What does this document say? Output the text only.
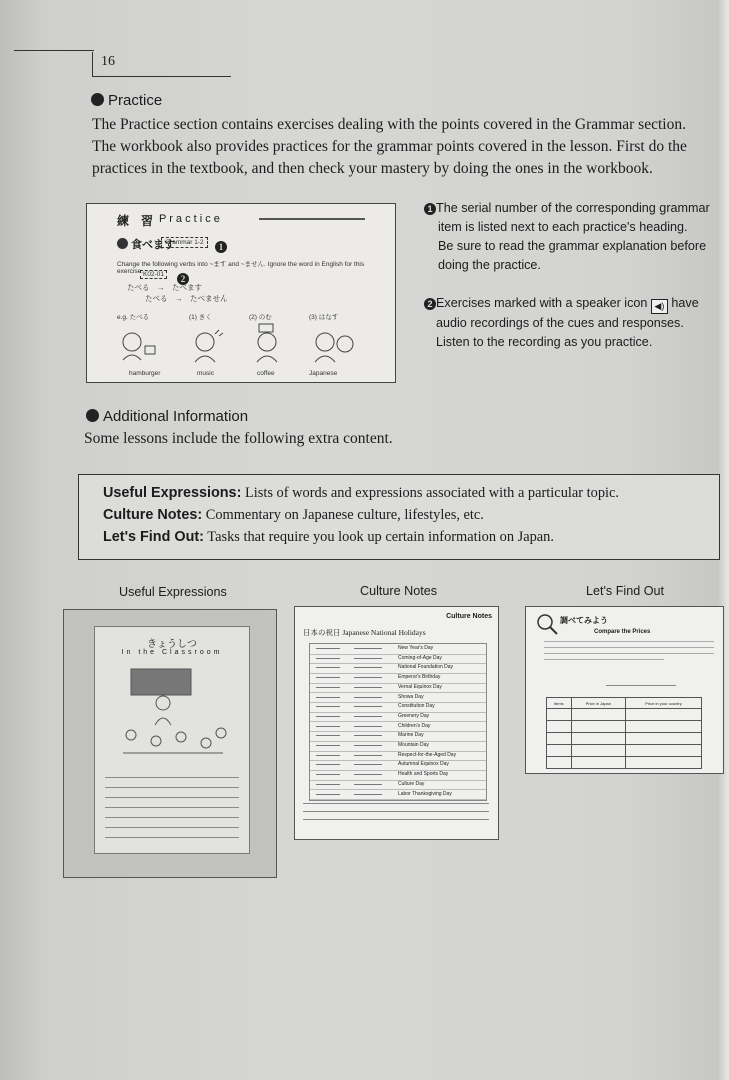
16
Practice
The Practice section contains exercises dealing with the points covered in the Grammar section.
The workbook also provides practices for the grammar points covered in the lesson. First do the
practices in the textbook, and then check your mastery by doing the ones in the workbook.
練　習 P r a c t i c e
食べます
Grammar 1-2	1
Change the following verbs into ~ます and ~ません. Ignore the word in English for this exercise. K02-01	2
たべる　→　たべます
たべる　→　たべません
e.g. たべる	(1) きく	(2) のむ	(3) はなす
hamburger	music	coffee	Japanese
1 The serial number of the corresponding grammar
item is listed next to each practice's heading.
Be sure to read the grammar explanation before
doing the practice.
2 Exercises marked with a speaker icon ◀) have
audio recordings of the cues and responses.
Listen to the recording as you practice.
Additional Information
Some lessons include the following extra content.

Useful Expressions: Lists of words and expressions associated with a particular topic.

Culture Notes: Commentary on Japanese culture, lifestyles, etc.

Let's Find Out: Tasks that require you look up certain information on Japan.

Useful Expressions	Culture Notes	Let's Find Out
きょうしつ
In the Classroom
Culture Notes
日本の祝日 Japanese National Holidays
New Year's Day
Coming-of-Age Day
National Foundation Day
Emperor's Birthday
Vernal Equinox Day
Showa Day
Constitution Day
Greenery Day
Children's Day
Marine Day
Mountain Day
Respect-for-the-Aged Day
Autumnal Equinox Day
Health and Sports Day
Culture Day
Labor Thanksgiving Day
調べてみよう
Compare the Prices
Items	Price in Japan	Price in your country
